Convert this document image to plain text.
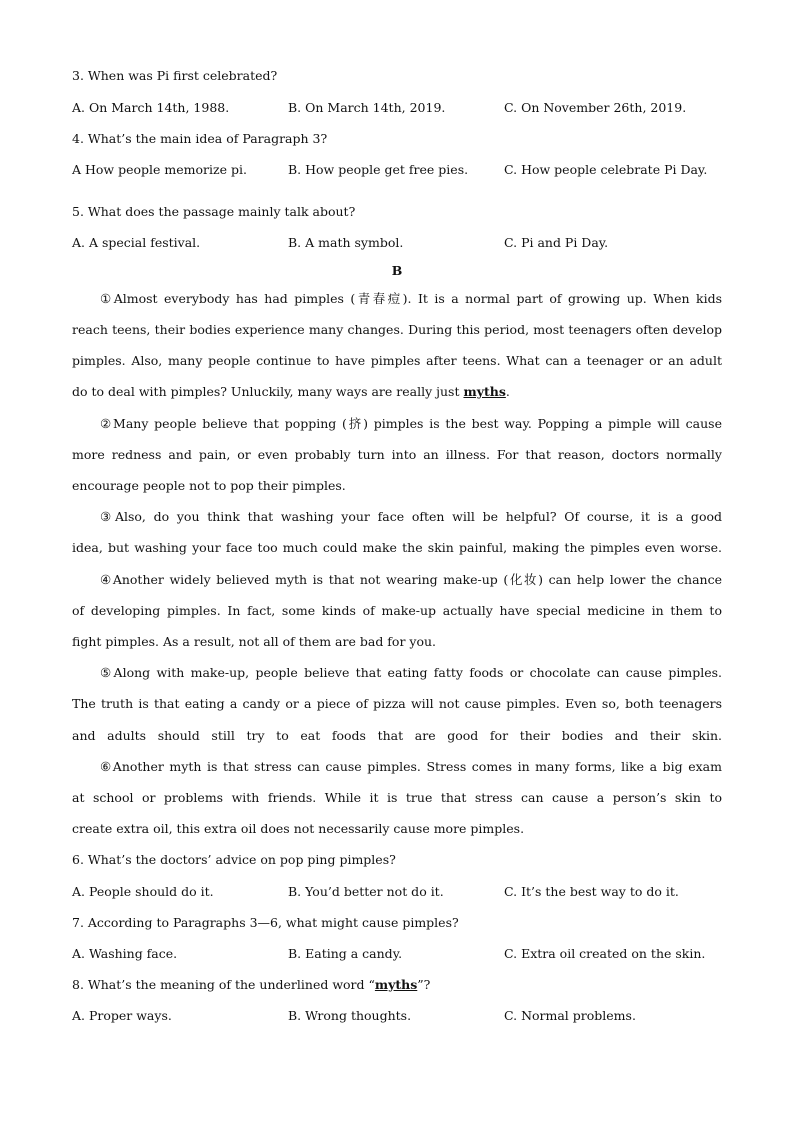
3. When was Pi first celebrated?
A. On March 14th, 1988.	B. On March 14th, 2019.	C. On November 26th, 2019.
4. What’s the main idea of Paragraph 3?
A How people memorize pi.	B. How people get free pies.	C. How people celebrate Pi Day.
5. What does the passage mainly talk about?
A. A special festival.	B. A math symbol.	C. Pi and Pi Day.
B
①Almost everybody has had pimples (青春痘). It is a normal part of growing up. When kids
reach teens, their bodies experience many changes. During this period, most teenagers often develop
pimples. Also, many people continue to have pimples after teens. What can a teenager or an adult
do to deal with pimples? Unluckily, many ways are really just myths.
②Many people believe that popping (挤) pimples is the best way. Popping a pimple will cause
more redness and pain, or even probably turn into an illness. For that reason, doctors normally
encourage people not to pop their pimples.
③Also, do you think that washing your face often will be helpful? Of course, it is a good
idea, but washing your face too much could make the skin painful, making the pimples even worse.
④Another widely believed myth is that not wearing make-up (化妆) can help lower the chance
of developing pimples. In fact, some kinds of make-up actually have special medicine in them to
fight pimples. As a result, not all of them are bad for you.
⑤Along with make-up, people believe that eating fatty foods or chocolate can cause pimples.
The truth is that eating a candy or a piece of pizza will not cause pimples. Even so, both teenagers
and adults should still try to eat foods that are good for their bodies and their skin.
⑥Another myth is that stress can cause pimples. Stress comes in many forms, like a big exam
at school or problems with friends. While it is true that stress can cause a person’s skin to
create extra oil, this extra oil does not necessarily cause more pimples.
6. What’s the doctors’ advice on pop ping pimples?
A. People should do it.	B. You’d better not do it.	C. It’s the best way to do it.
7. According to Paragraphs 3—6, what might cause pimples?
A. Washing face.	B. Eating a candy.	C. Extra oil created on the skin.
8. What’s the meaning of the underlined word “myths”?
A. Proper ways.	B. Wrong thoughts.	C. Normal problems.
